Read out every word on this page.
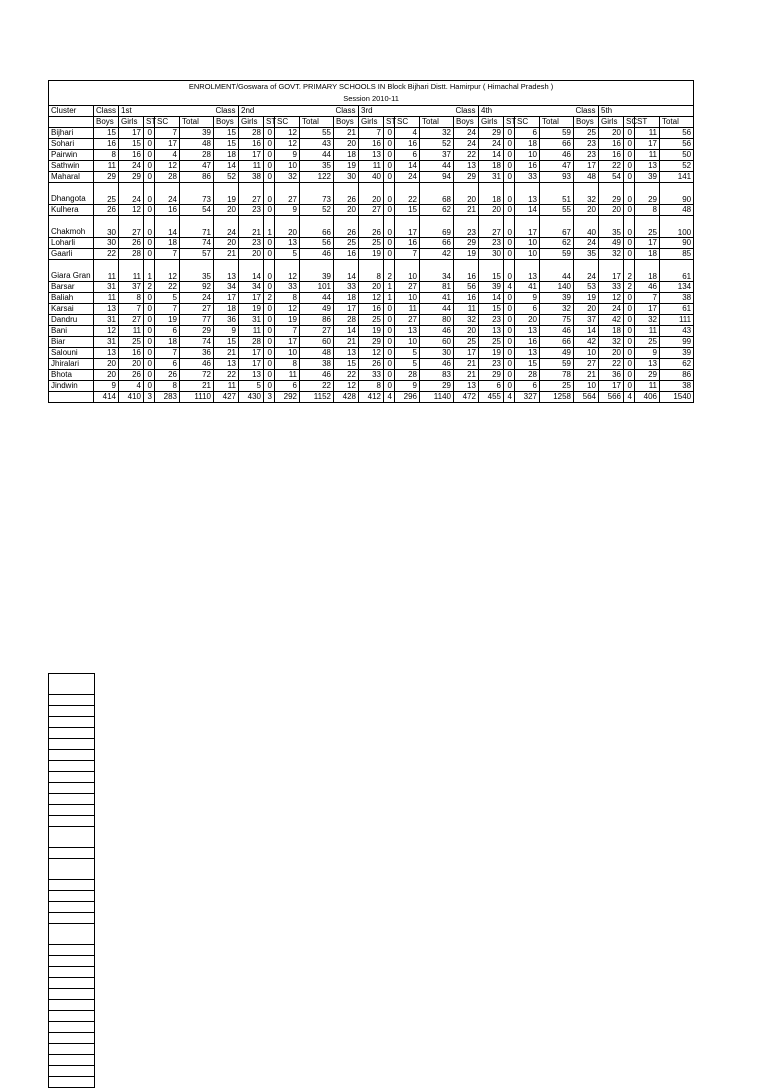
ENROLMENT/Goswara of GOVT. PRIMARY SCHOOLS IN Block Bijhari Distt. Hamirpur ( Himachal Pradesh )																									
Session 2010-11																									
Cluster	Class	1st				Class	2nd				Class	3rd				Class	4th				Class	5th			
	Boys	Girls	ST	SC	Total	Boys	Girls	ST	SC	Total	Boys	Girls	ST	SC	Total	Boys	Girls	ST	SC	Total	Boys	Girls	SC	ST	Total
Bijhari	15	17	0	7	39	15	28	0	12	55	21	7	0	4	32	24	29	0	6	59	25	20	0	11	56
Sohari	16	15	0	17	48	15	16	0	12	43	20	16	0	16	52	24	24	0	18	66	23	16	0	17	56
Pairwin	8	16	0	4	28	18	17	0	9	44	18	13	0	6	37	22	14	0	10	46	23	16	0	11	50
Sathwin	11	24	0	12	47	14	11	0	10	35	19	11	0	14	44	13	18	0	16	47	17	22	0	13	52
Maharal	29	29	0	28	86	52	38	0	32	122	30	40	0	24	94	29	31	0	33	93	48	54	0	39	141
Dhangota	25	24	0	24	73	19	27	0	27	73	26	20	0	22	68	20	18	0	13	51	32	29	0	29	90
Kulhera	26	12	0	16	54	20	23	0	9	52	20	27	0	15	62	21	20	0	14	55	20	20	0	8	48
Chakmoh	30	27	0	14	71	24	21	1	20	66	26	26	0	17	69	23	27	0	17	67	40	35	0	25	100
Loharli	30	26	0	18	74	20	23	0	13	56	25	25	0	16	66	29	23	0	10	62	24	49	0	17	90
Gaarli	22	28	0	7	57	21	20	0	5	46	16	19	0	7	42	19	30	0	10	59	35	32	0	18	85
Giara Gran	11	11	1	12	35	13	14	0	12	39	14	8	2	10	34	16	15	0	13	44	24	17	2	18	61
Barsar	31	37	2	22	92	34	34	0	33	101	33	20	1	27	81	56	39	4	41	140	53	33	2	46	134
Baliah	11	8	0	5	24	17	17	2	8	44	18	12	1	10	41	16	14	0	9	39	19	12	0	7	38
Karsai	13	7	0	7	27	18	19	0	12	49	17	16	0	11	44	11	15	0	6	32	20	24	0	17	61
Dandru	31	27	0	19	77	36	31	0	19	86	28	25	0	27	80	32	23	0	20	75	37	42	0	32	111
Bani	12	11	0	6	29	9	11	0	7	27	14	19	0	13	46	20	13	0	13	46	14	18	0	11	43
Biar	31	25	0	18	74	15	28	0	17	60	21	29	0	10	60	25	25	0	16	66	42	32	0	25	99
Salouni	13	16	0	7	36	21	17	0	10	48	13	12	0	5	30	17	19	0	13	49	10	20	0	9	39
Jhiralari	20	20	0	6	46	13	17	0	8	38	15	26	0	5	46	21	23	0	15	59	27	22	0	13	62
Bhota	20	26	0	26	72	22	13	0	11	46	22	33	0	28	83	21	29	0	28	78	21	36	0	29	86
Jindwin	9	4	0	8	21	11	5	0	6	22	12	8	0	9	29	13	6	0	6	25	10	17	0	11	38
	414	410	3	283	1110	427	430	3	292	1152	428	412	4	296	1140	472	455	4	327	1258	564	566	4	406	1540
